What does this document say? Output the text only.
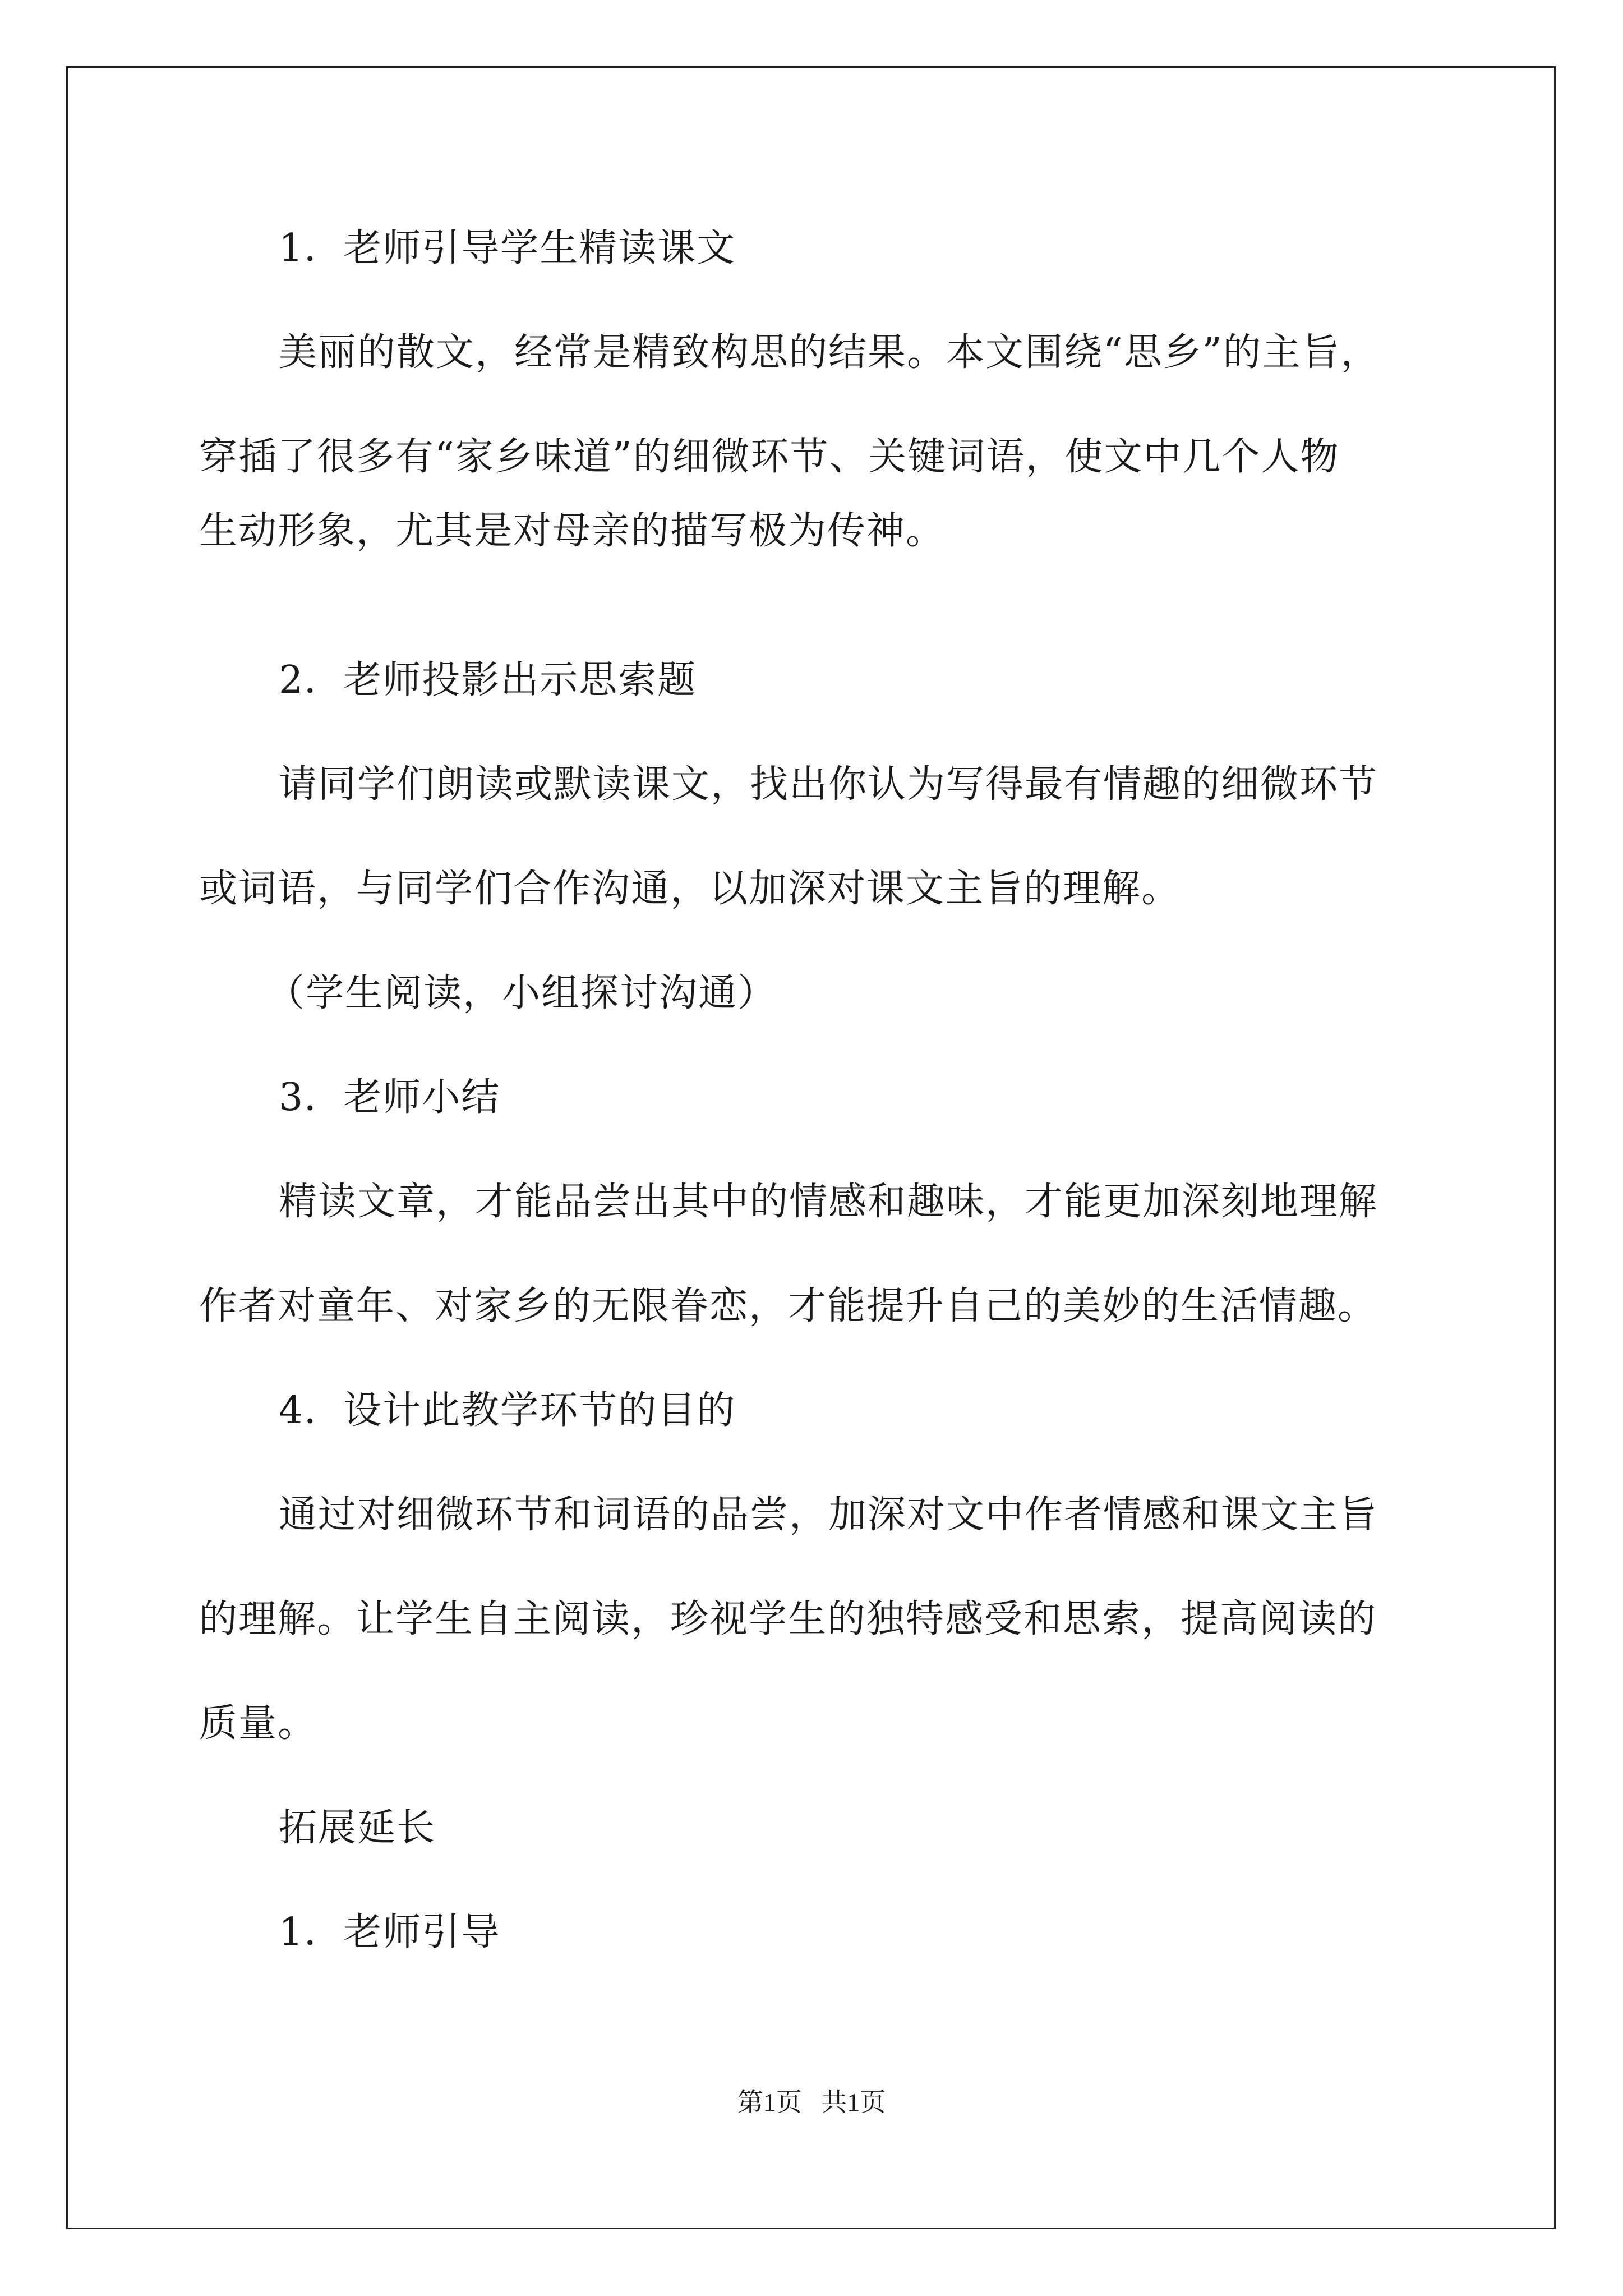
1．老师引导学生精读课文
美丽的散文，经常是精致构思的结果。本文围绕“思乡”的主旨，
穿插了很多有“家乡味道”的细微环节、关键词语，使文中几个人物
生动形象，尤其是对母亲的描写极为传神。
2．老师投影出示思索题
请同学们朗读或默读课文，找出你认为写得最有情趣的细微环节
或词语，与同学们合作沟通，以加深对课文主旨的理解。
（学生阅读，小组探讨沟通）
3．老师小结
精读文章，才能品尝出其中的情感和趣味，才能更加深刻地理解
作者对童年、对家乡的无限眷恋，才能提升自己的美妙的生活情趣。
4．设计此教学环节的目的
通过对细微环节和词语的品尝，加深对文中作者情感和课文主旨
的理解。让学生自主阅读，珍视学生的独特感受和思索，提高阅读的
质量。
拓展延长
1．老师引导
第1页   共1页
